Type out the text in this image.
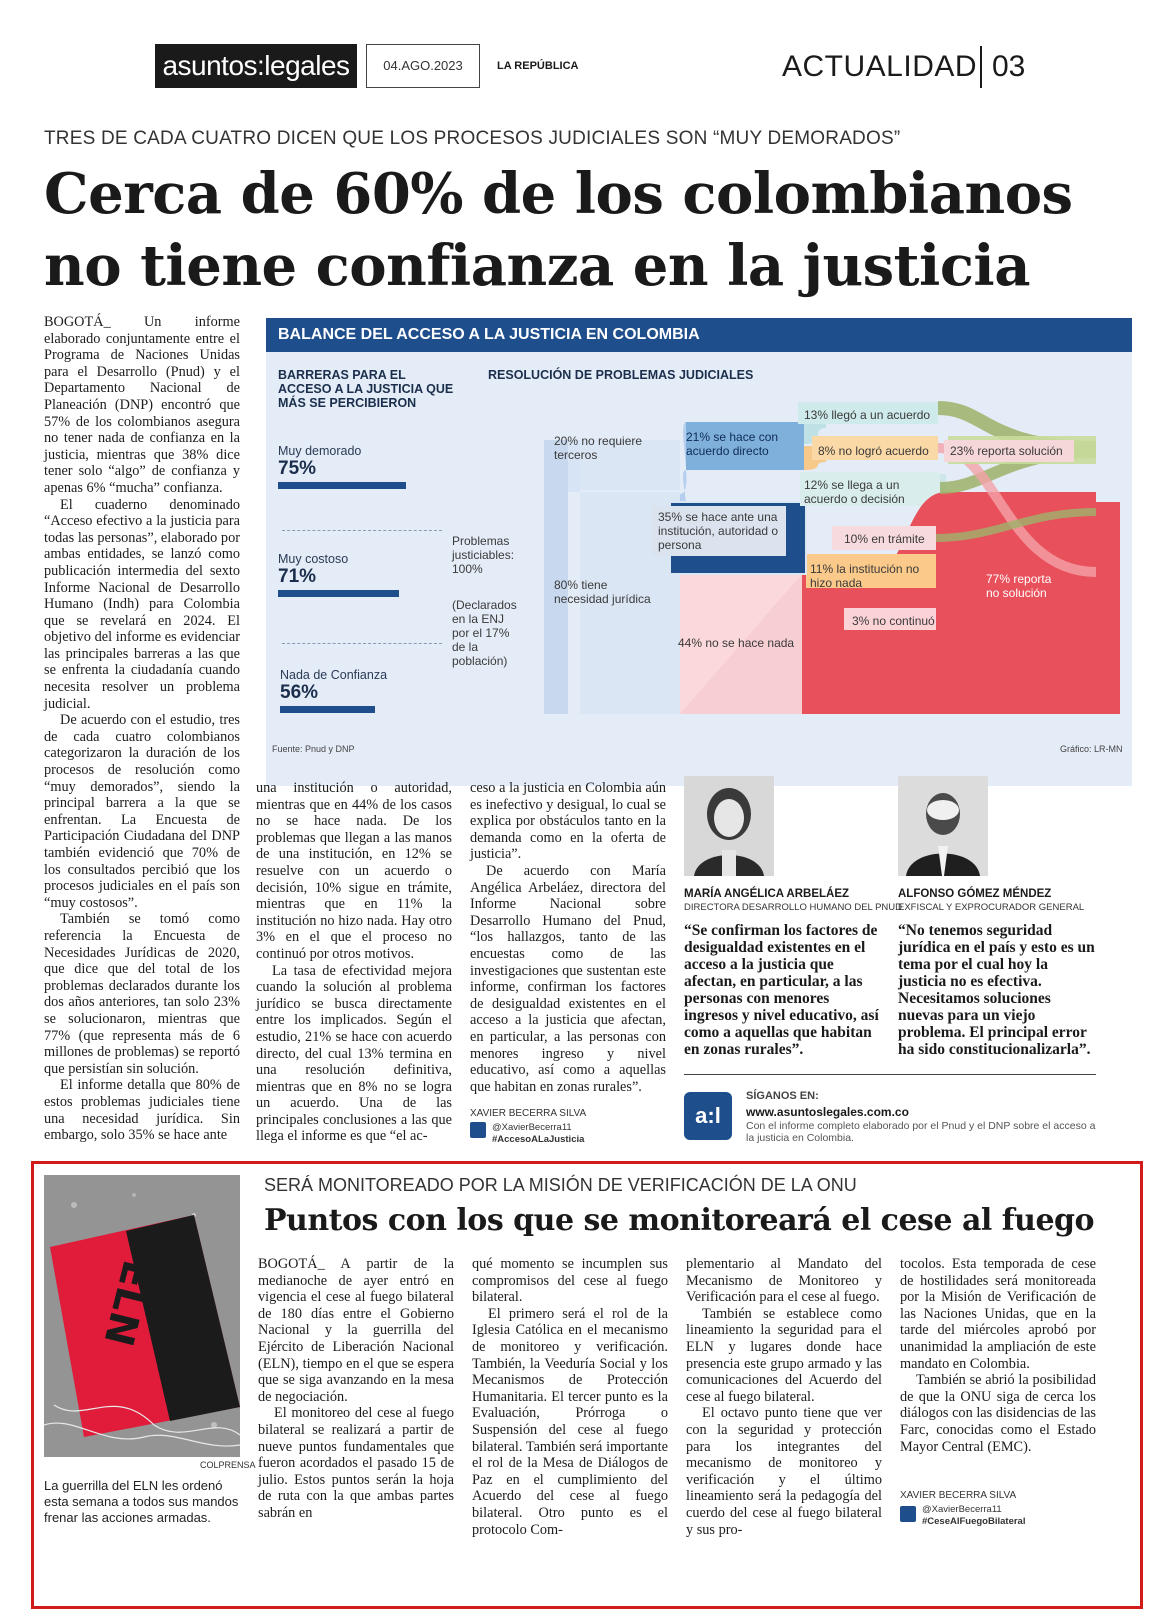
asuntos:legales	04.AGO.2023	LA REPÚBLICA	ACTUALIDAD 03
TRES DE CADA CUATRO DICEN QUE LOS PROCESOS JUDICIALES SON “MUY DEMORADOS”
Cerca de 60% de los colombianos
no tiene confianza en la justicia

BOGOTÁ_ Un informe elaborado conjuntamente entre el Programa de Naciones Unidas para el Desarrollo (Pnud) y el Departamento Nacional de Planeación (DNP) encontró que 57% de los colombianos asegura no tener nada de confianza en la justicia, mientras que 38% dice tener solo “algo” de confianza y apenas 6% “mucha” confianza.

El cuaderno denominado “Acceso efectivo a la justicia para todas las personas”, elaborado por ambas entidades, se lanzó como publicación intermedia del sexto Informe Nacional de Desarrollo Humano (Indh) para Colombia que se revelará en 2024. El objetivo del informe es evidenciar las principales barreras a las que se enfrenta la ciudadanía cuando necesita resolver un problema judicial.

De acuerdo con el estudio, tres de cada cuatro colombianos categorizaron la duración de los procesos de resolución como “muy demorados”, siendo la principal barrera a la que se enfrentan. La Encuesta de Participación Ciudadana del DNP también evidenció que 70% de los consultados percibió que los procesos judiciales en el país son “muy costosos”.

También se tomó como referencia la Encuesta de Necesidades Jurídicas de 2020, que dice que del total de los problemas declarados durante los dos años anteriores, tan solo 23% se solucionaron, mientras que 77% (que representa más de 6 millones de problemas) se reportó que persistían sin solución.

El informe detalla que 80% de estos problemas judiciales tiene una necesidad jurídica. Sin embargo, solo 35% se hace ante

BALANCE DEL ACCESO A LA JUSTICIA EN COLOMBIA
BARRERAS PARA EL ACCESO A LA JUSTICIA QUE MÁS SE PERCIBIERON
RESOLUCIÓN DE PROBLEMAS JUDICIALES
Muy demorado
75%
Muy costoso
71%
Nada de Confianza
56%
Problemas justiciables: 100%
(Declarados en la ENJ por el 17% de la población)
20% no requiere terceros
80% tiene necesidad jurídica
21% se hace con acuerdo directo
35% se hace ante una institución, autoridad o persona
44% no se hace nada
13% llegó a un acuerdo
8% no logró acuerdo
12% se llega a un acuerdo o decisión
10% en trámite
11% la institución no hizo nada
3% no continuó
23% reporta solución
77% reporta no solución
Fuente: Pnud y DNP	Gráfico: LR-MN

una institución o autoridad, mientras que en 44% de los casos no se hace nada. De los problemas que llegan a las manos de una institución, en 12% se resuelve con un acuerdo o decisión, 10% sigue en trámite, mientras que en 11% la institución no hizo nada. Hay otro 3% en el que el proceso no continuó por otros motivos.

La tasa de efectividad mejora cuando la solución al problema jurídico se busca directamente entre los implicados. Según el estudio, 21% se hace con acuerdo directo, del cual 13% termina en una resolución definitiva, mientras que en 8% no se logra un acuerdo. Una de las principales conclusiones a las que llega el informe es que “el ac-

ceso a la justicia en Colombia aún es inefectivo y desigual, lo cual se explica por obstáculos tanto en la demanda como en la oferta de justicia”.

De acuerdo con María Angélica Arbeláez, directora del Informe Nacional sobre Desarrollo Humano del Pnud, “los hallazgos, tanto de las encuestas como de las investigaciones que sustentan este informe, confirman los factores de desigualdad existentes en el acceso a la justicia que afectan, en particular, a las personas con menores ingreso y nivel educativo, así como a aquellas que habitan en zonas rurales”.

XAVIER BECERRA SILVA
@XavierBecerra11
#AccesoALaJusticia
MARÍA ANGÉLICA ARBELÁEZ
DIRECTORA DESARROLLO HUMANO DEL PNUD
“Se confirman los factores de desigualdad existentes en el acceso a la justicia que afectan, en particular, a las personas con menores ingresos y nivel educativo, así como a aquellas que habitan en zonas rurales”.
ALFONSO GÓMEZ MÉNDEZ
EXFISCAL Y EXPROCURADOR GENERAL
“No tenemos seguridad jurídica en el país y esto es un tema por el cual hoy la justicia no es efectiva. Necesitamos soluciones nuevas para un viejo problema. El principal error ha sido constitucionalizarla”.
a:l
SÍGANOS EN:
www.asuntoslegales.com.co
Con el informe completo elaborado por el Pnud y el DNP sobre el acceso a la justicia en Colombia.
ELN
COLPRENSA
La guerrilla del ELN les ordenó esta semana a todos sus mandos frenar las acciones armadas.
SERÁ MONITOREADO POR LA MISIÓN DE VERIFICACIÓN DE LA ONU
Puntos con los que se monitoreará el cese al fuego

BOGOTÁ_ A partir de la medianoche de ayer entró en vigencia el cese al fuego bilateral de 180 días entre el Gobierno Nacional y la guerrilla del Ejército de Liberación Nacional (ELN), tiempo en el que se espera que se siga avanzando en la mesa de negociación.

El monitoreo del cese al fuego bilateral se realizará a partir de nueve puntos fundamentales que fueron acordados el pasado 15 de julio. Estos puntos serán la hoja de ruta con la que ambas partes sabrán en

qué momento se incumplen sus compromisos del cese al fuego bilateral.

El primero será el rol de la Iglesia Católica en el mecanismo de monitoreo y verificación. También, la Veeduría Social y los Mecanismos de Protección Humanitaria. El tercer punto es la Evaluación, Prórroga o Suspensión del cese al fuego bilateral. También será importante el rol de la Mesa de Diálogos de Paz en el cumplimiento del Acuerdo del cese al fuego bilateral. Otro punto es el protocolo Com-

plementario al Mandato del Mecanismo de Monitoreo y Verificación para el cese al fuego.

También se establece como lineamiento la seguridad para el ELN y lugares donde hace presencia este grupo armado y las comunicaciones del Acuerdo del cese al fuego bilateral.

El octavo punto tiene que ver con la seguridad y protección para los integrantes del mecanismo de monitoreo y verificación y el último lineamiento será la pedagogía del cuerdo del cese al fuego bilateral y sus pro-

tocolos. Esta temporada de cese de hostilidades será monitoreada por la Misión de Verificación de las Naciones Unidas, que en la tarde del miércoles aprobó por unanimidad la ampliación de este mandato en Colombia.

También se abrió la posibilidad de que la ONU siga de cerca los diálogos con las disidencias de las Farc, conocidas como el Estado Mayor Central (EMC).

XAVIER BECERRA SILVA
@XavierBecerra11
#CeseAlFuegoBilateral
